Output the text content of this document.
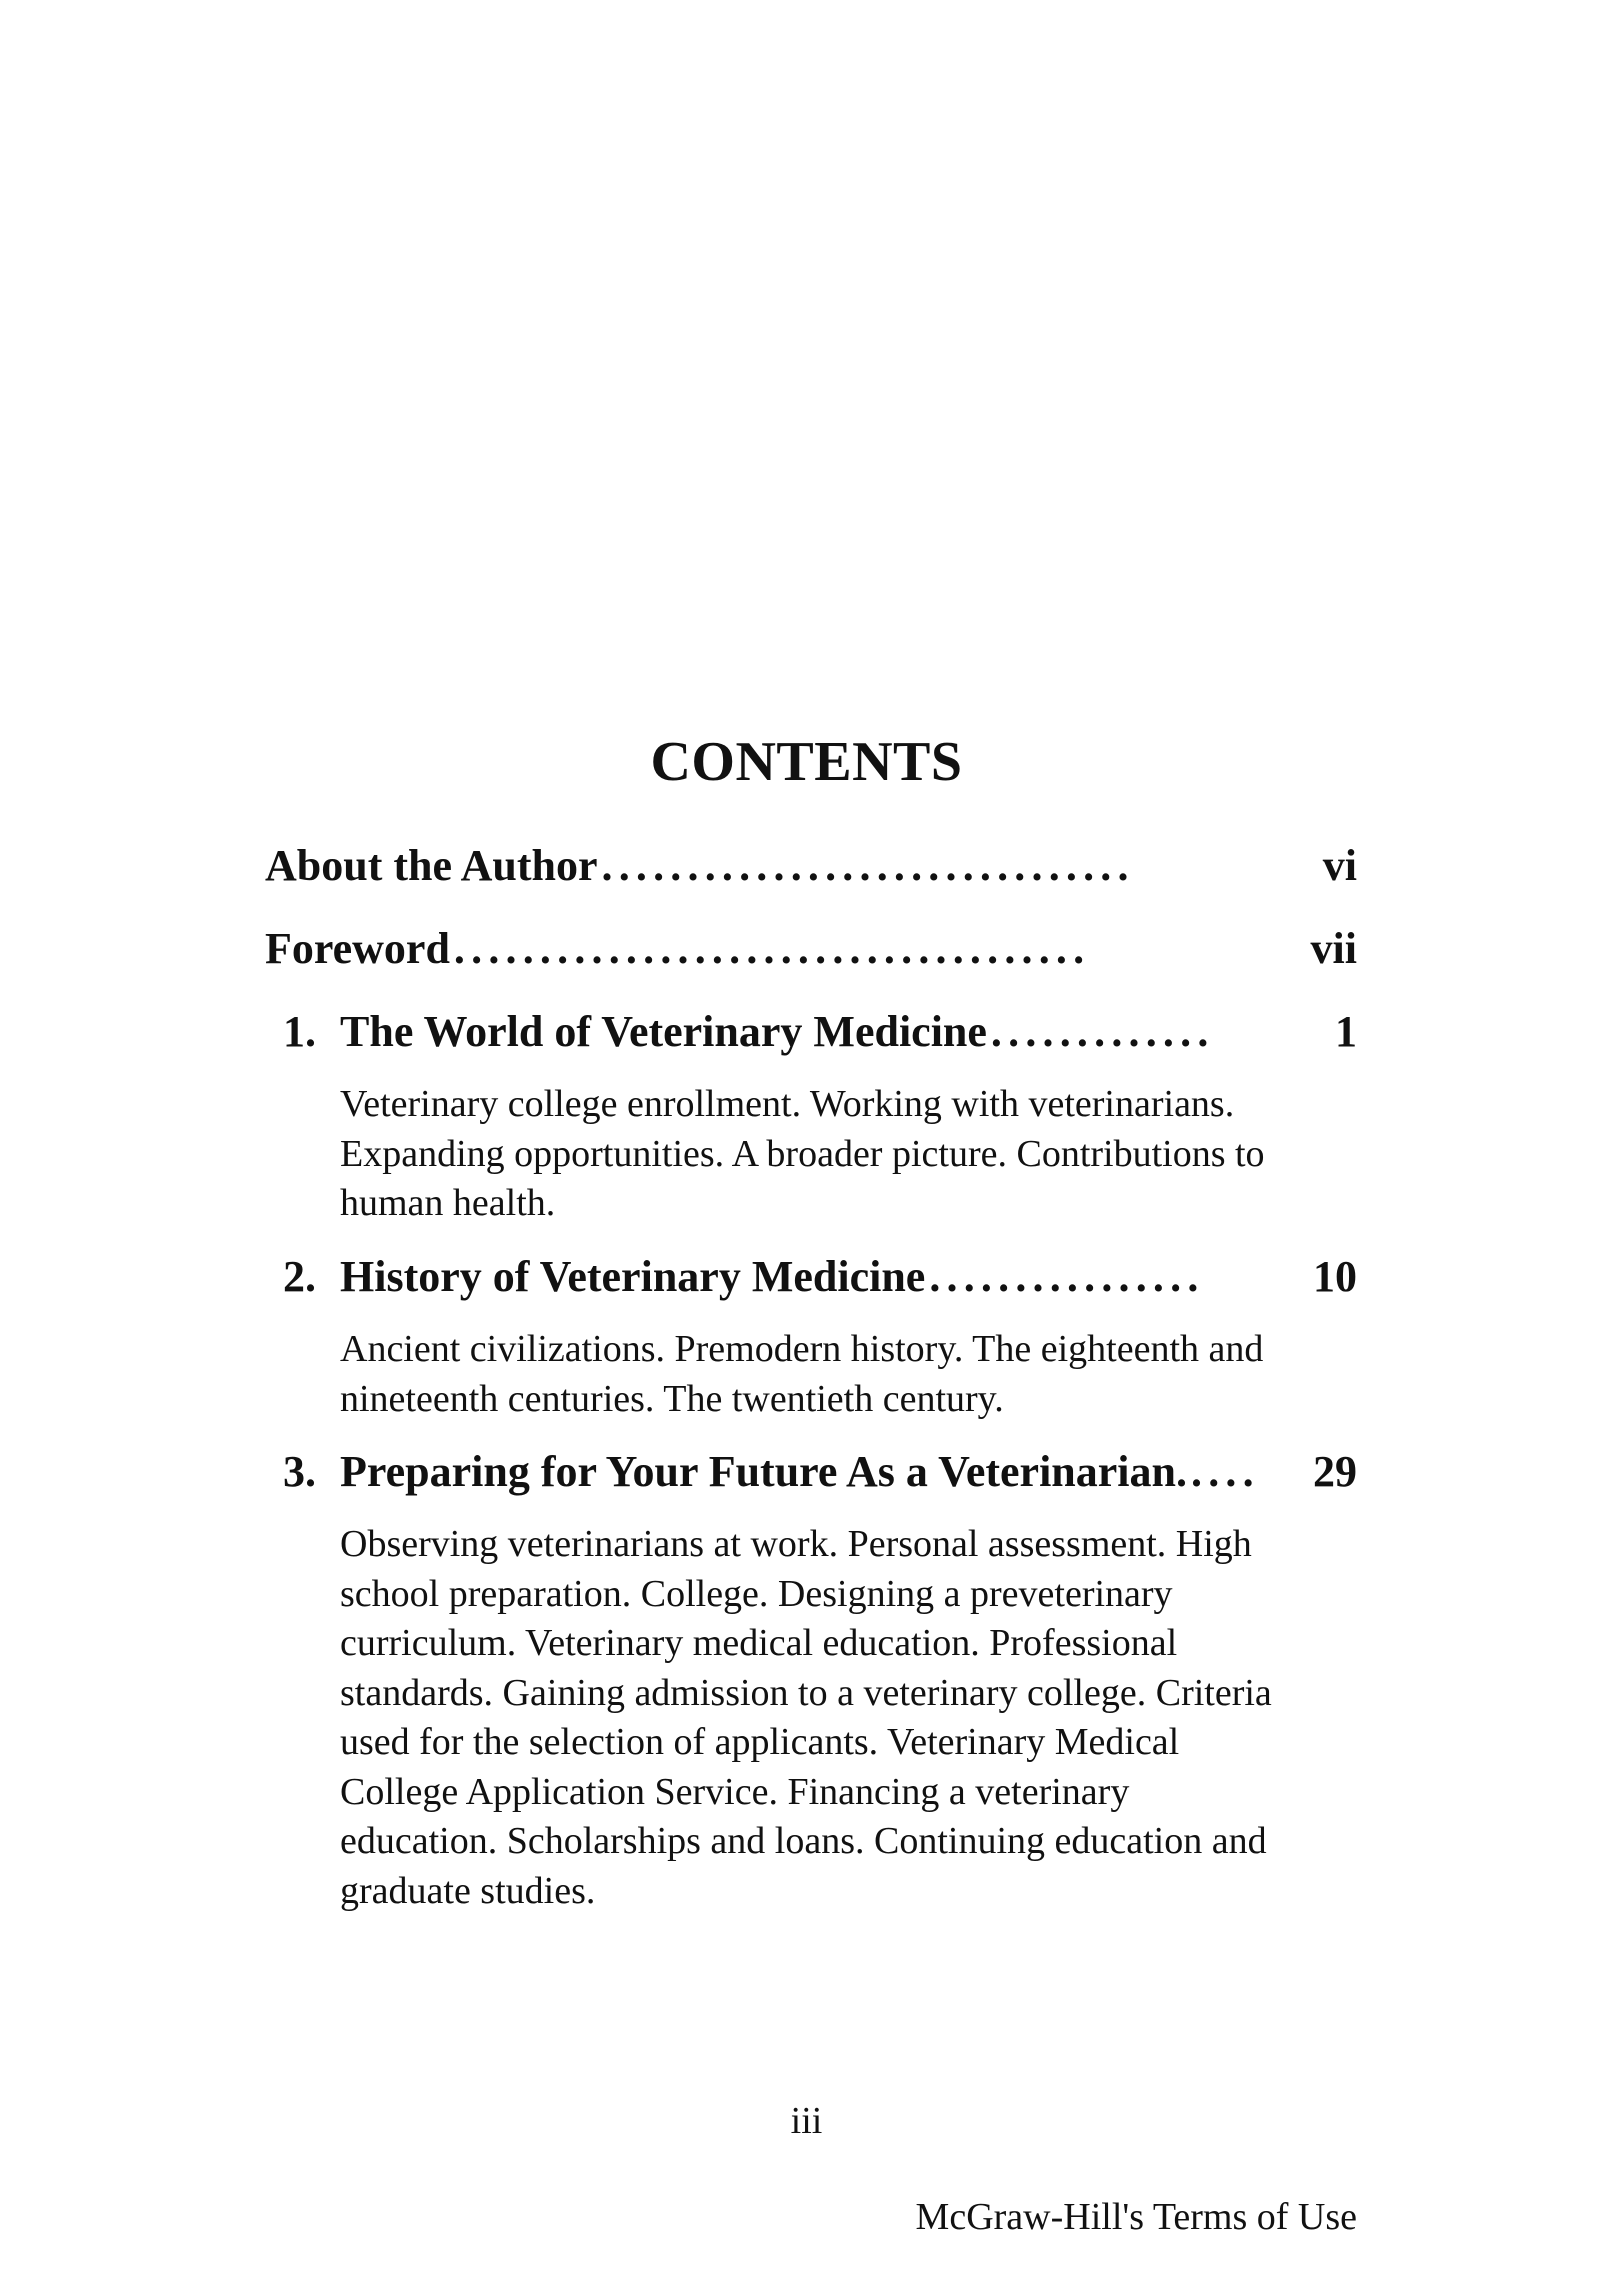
CONTENTS
About the Author ...............................	vi
Foreword .....................................	vii
1. The World of Veterinary Medicine .............	1
Veterinary college enrollment. Working with veterinarians.
Expanding opportunities. A broader picture. Contributions to
human health.
2. History of Veterinary Medicine ................	10
Ancient civilizations. Premodern history. The eighteenth and
nineteenth centuries. The twentieth century.
3. Preparing for Your Future As a Veterinarian. ....	29
Observing veterinarians at work. Personal assessment. High
school preparation. College. Designing a preveterinary
curriculum. Veterinary medical education. Professional
standards. Gaining admission to a veterinary college. Criteria
used for the selection of applicants. Veterinary Medical
College Application Service. Financing a veterinary
education. Scholarships and loans. Continuing education and
graduate studies.
iii
McGraw-Hill's Terms of Use
